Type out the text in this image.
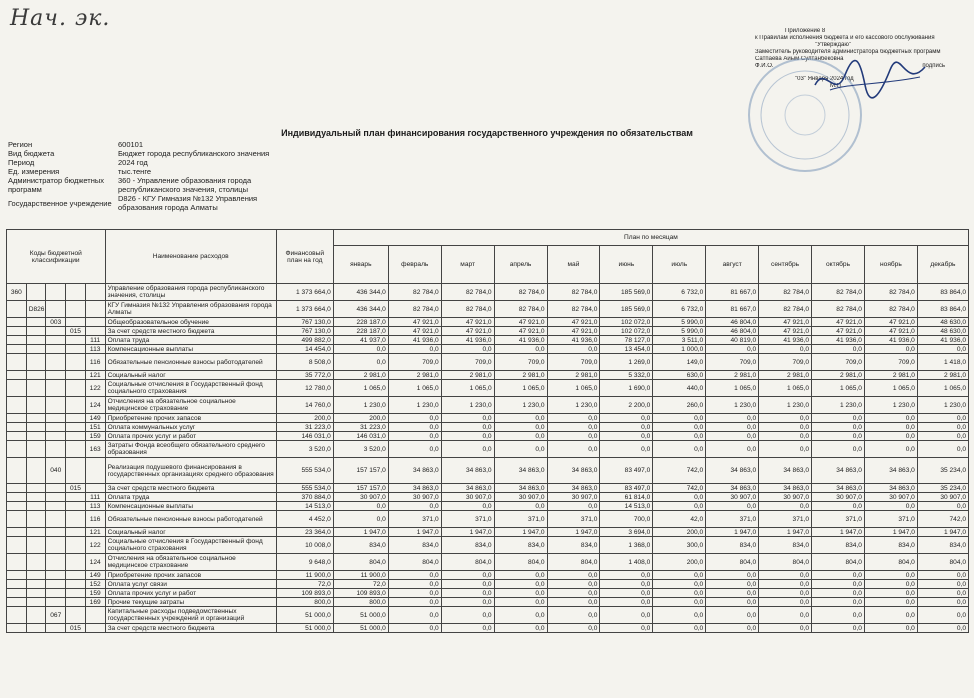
Нач. эк.	Приложение 8
к Правилам исполнения бюджета и его кассового обслуживания
"Утверждаю"
Заместитель руководителя администратора бюджетных программ
Сатпаева Айым Султанбековна
Ф.И.О.	подпись
"03" Января 2024 год
М.П.
Индивидуальный план финансирования государственного учреждения по обязательствам
Регион	600101
Вид бюджета	Бюджет города республиканского значения
Период	2024 год
Ед. измерения	тыс.тенге
Администратор бюджетных программ
360 - Управление образования города республиканского значения, столицы
Государственное учреждение D826 - КГУ Гимназия №132 Управления образования города Алматы
Коды бюджетной классификации					Наименование расходов	Финансовый план на год	План по месяцам											
							январь	февраль	март	апрель	май	июнь	июль	август	сентябрь	октябрь	ноябрь	декабрь
360					Управление образования города республиканского значения, столицы	1 373 664,0	436 344,0	82 784,0	82 784,0	82 784,0	82 784,0	185 569,0	6 732,0	81 667,0	82 784,0	82 784,0	82 784,0	83 864,0
	D826				КГУ Гимназия №132 Управления образования города Алматы	1 373 664,0	436 344,0	82 784,0	82 784,0	82 784,0	82 784,0	185 569,0	6 732,0	81 667,0	82 784,0	82 784,0	82 784,0	83 864,0
		003			Общеобразовательное обучение	767 130,0	228 187,0	47 921,0	47 921,0	47 921,0	47 921,0	102 072,0	5 990,0	46 804,0	47 921,0	47 921,0	47 921,0	48 630,0
			015		За счет средств местного бюджета	767 130,0	228 187,0	47 921,0	47 921,0	47 921,0	47 921,0	102 072,0	5 990,0	46 804,0	47 921,0	47 921,0	47 921,0	48 630,0
				111	Оплата труда	499 882,0	41 937,0	41 936,0	41 936,0	41 936,0	41 936,0	78 127,0	3 511,0	40 819,0	41 936,0	41 936,0	41 936,0	41 936,0
				113	Компенсационные выплаты	14 454,0	0,0	0,0	0,0	0,0	0,0	13 454,0	1 000,0	0,0	0,0	0,0	0,0	0,0
				116	Обязательные пенсионные взносы работодателей	8 508,0	0,0	709,0	709,0	709,0	709,0	1 269,0	149,0	709,0	709,0	709,0	709,0	1 418,0
				121	Социальный налог	35 772,0	2 981,0	2 981,0	2 981,0	2 981,0	2 981,0	5 332,0	630,0	2 981,0	2 981,0	2 981,0	2 981,0	2 981,0
				122	Социальные отчисления в Государственный фонд социального страхования	12 780,0	1 065,0	1 065,0	1 065,0	1 065,0	1 065,0	1 690,0	440,0	1 065,0	1 065,0	1 065,0	1 065,0	1 065,0
				124	Отчисления на обязательное социальное медицинское страхование	14 760,0	1 230,0	1 230,0	1 230,0	1 230,0	1 230,0	2 200,0	260,0	1 230,0	1 230,0	1 230,0	1 230,0	1 230,0
				149	Приобретение прочих запасов	200,0	200,0	0,0	0,0	0,0	0,0	0,0	0,0	0,0	0,0	0,0	0,0	0,0
				151	Оплата коммунальных услуг	31 223,0	31 223,0	0,0	0,0	0,0	0,0	0,0	0,0	0,0	0,0	0,0	0,0	0,0
				159	Оплата прочих услуг и работ	146 031,0	146 031,0	0,0	0,0	0,0	0,0	0,0	0,0	0,0	0,0	0,0	0,0	0,0
				163	Затраты Фонда всеобщего обязательного среднего образования	3 520,0	3 520,0	0,0	0,0	0,0	0,0	0,0	0,0	0,0	0,0	0,0	0,0	0,0
		040			Реализация подушевого финансирования в государственных организациях среднего образования	555 534,0	157 157,0	34 863,0	34 863,0	34 863,0	34 863,0	83 497,0	742,0	34 863,0	34 863,0	34 863,0	34 863,0	35 234,0
			015		За счет средств местного бюджета	555 534,0	157 157,0	34 863,0	34 863,0	34 863,0	34 863,0	83 497,0	742,0	34 863,0	34 863,0	34 863,0	34 863,0	35 234,0
				111	Оплата труда	370 884,0	30 907,0	30 907,0	30 907,0	30 907,0	30 907,0	61 814,0	0,0	30 907,0	30 907,0	30 907,0	30 907,0	30 907,0
				113	Компенсационные выплаты	14 513,0	0,0	0,0	0,0	0,0	0,0	14 513,0	0,0	0,0	0,0	0,0	0,0	0,0
				116	Обязательные пенсионные взносы работодателей	4 452,0	0,0	371,0	371,0	371,0	371,0	700,0	42,0	371,0	371,0	371,0	371,0	742,0
				121	Социальный налог	23 364,0	1 947,0	1 947,0	1 947,0	1 947,0	1 947,0	3 694,0	200,0	1 947,0	1 947,0	1 947,0	1 947,0	1 947,0
				122	Социальные отчисления в Государственный фонд социального страхования	10 008,0	834,0	834,0	834,0	834,0	834,0	1 368,0	300,0	834,0	834,0	834,0	834,0	834,0
				124	Отчисления на обязательное социальное медицинское страхование	9 648,0	804,0	804,0	804,0	804,0	804,0	1 408,0	200,0	804,0	804,0	804,0	804,0	804,0
				149	Приобретение прочих запасов	11 900,0	11 900,0	0,0	0,0	0,0	0,0	0,0	0,0	0,0	0,0	0,0	0,0	0,0
				152	Оплата услуг связи	72,0	72,0	0,0	0,0	0,0	0,0	0,0	0,0	0,0	0,0	0,0	0,0	0,0
				159	Оплата прочих услуг и работ	109 893,0	109 893,0	0,0	0,0	0,0	0,0	0,0	0,0	0,0	0,0	0,0	0,0	0,0
				169	Прочие текущие затраты	800,0	800,0	0,0	0,0	0,0	0,0	0,0	0,0	0,0	0,0	0,0	0,0	0,0
		067			Капитальные расходы подведомственных государственных учреждений и организаций	51 000,0	51 000,0	0,0	0,0	0,0	0,0	0,0	0,0	0,0	0,0	0,0	0,0	0,0
			015		За счет средств местного бюджета	51 000,0	51 000,0	0,0	0,0	0,0	0,0	0,0	0,0	0,0	0,0	0,0	0,0	0,0
